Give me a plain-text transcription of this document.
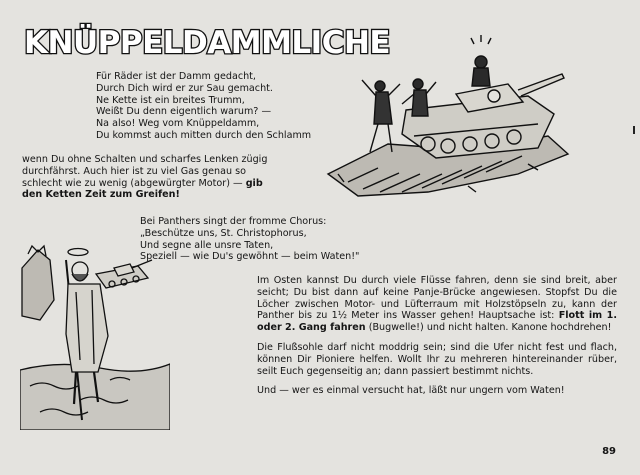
KNÜPPELDAMMLICHES
Für Räder ist der Damm gedacht,
Durch Dich wird er zur Sau gemacht.
Ne Kette ist ein breites Trumm,
Weißt Du denn eigentlich warum? —
Na also! Weg vom Knüppeldamm,
Du kommst auch mitten durch den Schlamm
wenn Du ohne Schalten und scharfes Lenken zügig
durchfährst. Auch hier ist zu viel Gas genau so
schlecht wie zu wenig (abgewürgter Motor) — gib
den Ketten Zeit zum Greifen!
Bei Panthers singt der fromme Chorus:
„Beschütze uns, St. Christophorus,
Und segne alle unsre Taten,
Speziell — wie Du's gewöhnt — beim Waten!"

Im Osten kannst Du durch viele Flüsse fahren, denn sie sind breit, aber seicht; Du bist dann auf keine Panje-Brücke angewiesen. Stopfst Du die Löcher zwischen Motor- und Lüfterraum mit Holzstöpseln zu, kann der Panther bis zu 1½ Meter ins Wasser gehen! Hauptsache ist: Flott im 1. oder 2. Gang fahren (Bugwelle!) und nicht halten. Kanone hochdrehen!

Die Flußsohle darf nicht moddrig sein; sind die Ufer nicht fest und flach, können Dir Pioniere helfen. Wollt Ihr zu mehreren hintereinander rüber, seilt Euch gegenseitig an; dann passiert bestimmt nichts.

Und — wer es einmal versucht hat, läßt nur ungern vom Waten!

89
